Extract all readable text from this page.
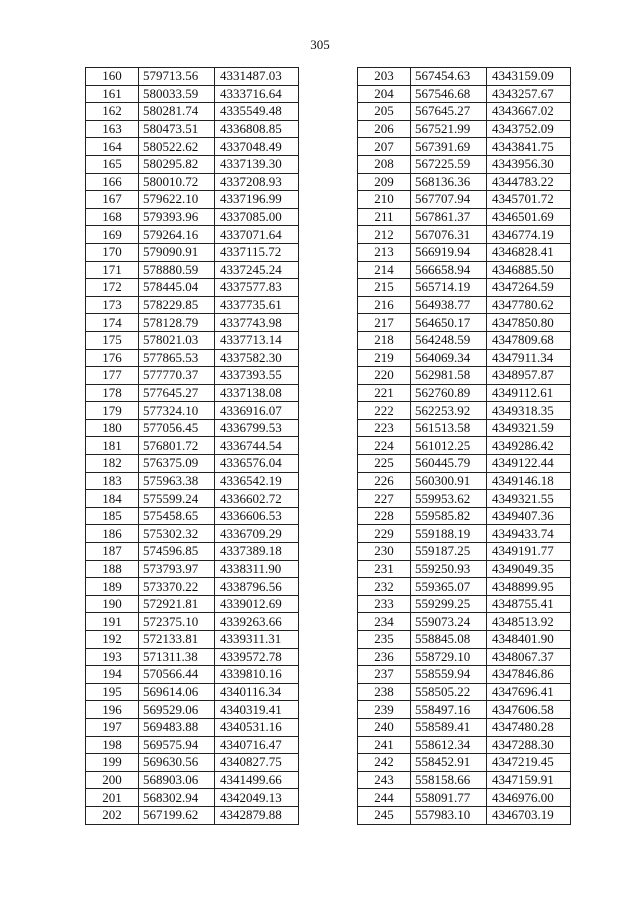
305
160	579713.56	4331487.03
161	580033.59	4333716.64
162	580281.74	4335549.48
163	580473.51	4336808.85
164	580522.62	4337048.49
165	580295.82	4337139.30
166	580010.72	4337208.93
167	579622.10	4337196.99
168	579393.96	4337085.00
169	579264.16	4337071.64
170	579090.91	4337115.72
171	578880.59	4337245.24
172	578445.04	4337577.83
173	578229.85	4337735.61
174	578128.79	4337743.98
175	578021.03	4337713.14
176	577865.53	4337582.30
177	577770.37	4337393.55
178	577645.27	4337138.08
179	577324.10	4336916.07
180	577056.45	4336799.53
181	576801.72	4336744.54
182	576375.09	4336576.04
183	575963.38	4336542.19
184	575599.24	4336602.72
185	575458.65	4336606.53
186	575302.32	4336709.29
187	574596.85	4337389.18
188	573793.97	4338311.90
189	573370.22	4338796.56
190	572921.81	4339012.69
191	572375.10	4339263.66
192	572133.81	4339311.31
193	571311.38	4339572.78
194	570566.44	4339810.16
195	569614.06	4340116.34
196	569529.06	4340319.41
197	569483.88	4340531.16
198	569575.94	4340716.47
199	569630.56	4340827.75
200	568903.06	4341499.66
201	568302.94	4342049.13
202	567199.62	4342879.88
203	567454.63	4343159.09
204	567546.68	4343257.67
205	567645.27	4343667.02
206	567521.99	4343752.09
207	567391.69	4343841.75
208	567225.59	4343956.30
209	568136.36	4344783.22
210	567707.94	4345701.72
211	567861.37	4346501.69
212	567076.31	4346774.19
213	566919.94	4346828.41
214	566658.94	4346885.50
215	565714.19	4347264.59
216	564938.77	4347780.62
217	564650.17	4347850.80
218	564248.59	4347809.68
219	564069.34	4347911.34
220	562981.58	4348957.87
221	562760.89	4349112.61
222	562253.92	4349318.35
223	561513.58	4349321.59
224	561012.25	4349286.42
225	560445.79	4349122.44
226	560300.91	4349146.18
227	559953.62	4349321.55
228	559585.82	4349407.36
229	559188.19	4349433.74
230	559187.25	4349191.77
231	559250.93	4349049.35
232	559365.07	4348899.95
233	559299.25	4348755.41
234	559073.24	4348513.92
235	558845.08	4348401.90
236	558729.10	4348067.37
237	558559.94	4347846.86
238	558505.22	4347696.41
239	558497.16	4347606.58
240	558589.41	4347480.28
241	558612.34	4347288.30
242	558452.91	4347219.45
243	558158.66	4347159.91
244	558091.77	4346976.00
245	557983.10	4346703.19
